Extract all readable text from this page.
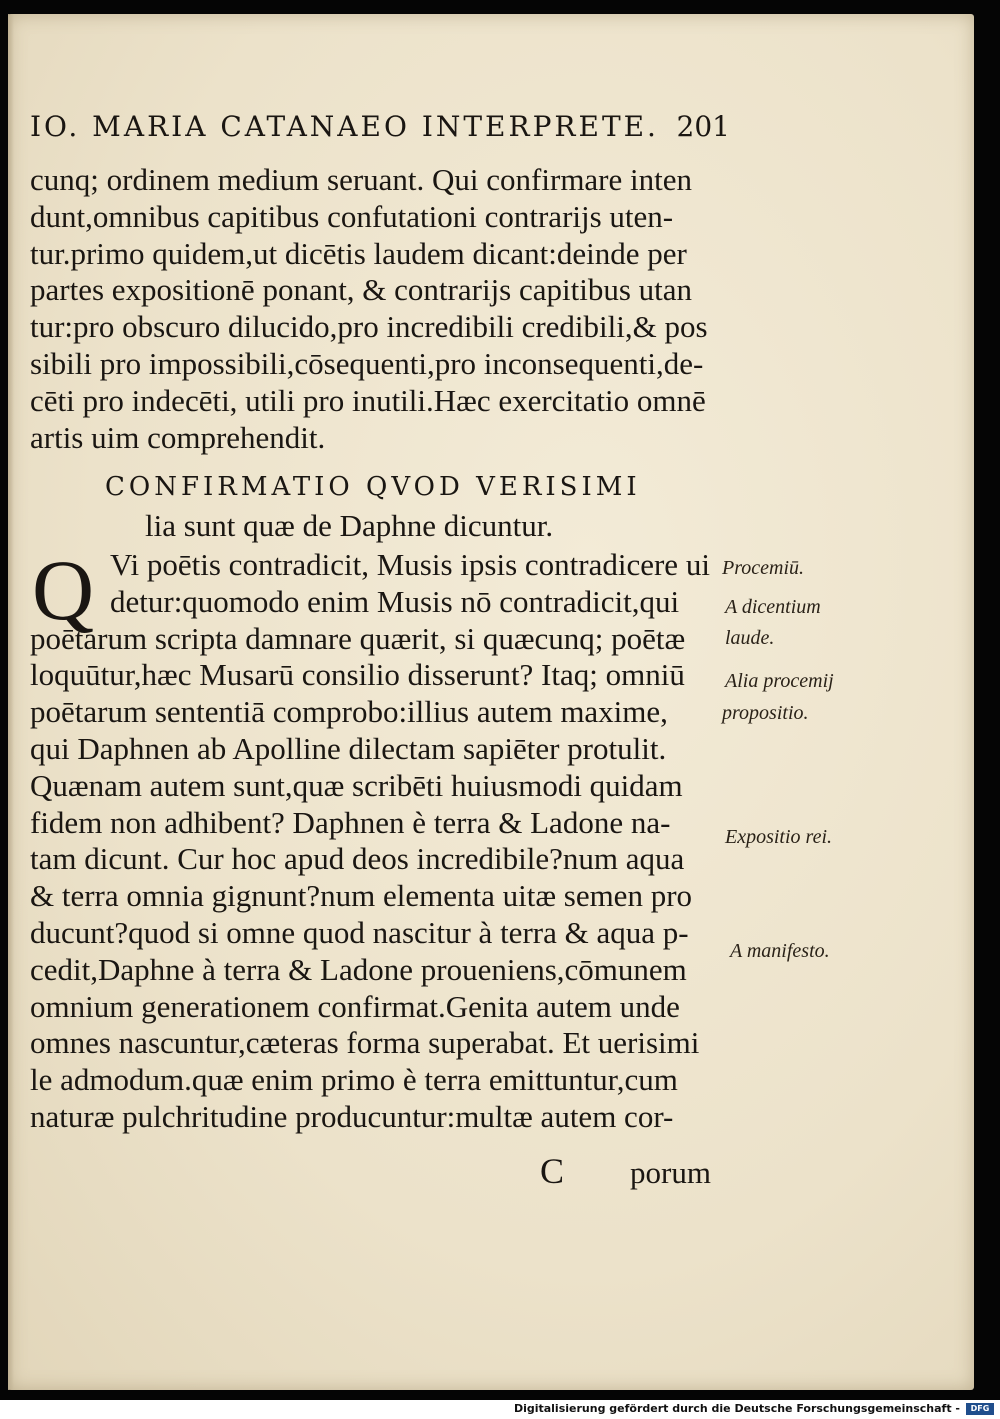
IO. MARIA CATANAEO INTERPRETE. 201
cunq; ordinem medium seruant. Qui confirmare inten
dunt,omnibus capitibus confutationi contrarijs uten-
tur.primo quidem,ut dicētis laudem dicant:deinde per
partes expositionē ponant, & contrarijs capitibus utan
tur:pro obscuro dilucido,pro incredibili credibili,& pos
sibili pro impossibili,cōsequenti,pro inconsequenti,de-
cēti pro indecēti, utili pro inutili.Hæc exercitatio omnē
artis uim comprehendit.
CONFIRMATIO QVOD VERISIMI
lia sunt quæ de Daphne dicuntur.
Q Vi poētis contradicit, Musis ipsis contradicere ui
detur:quomodo enim Musis nō contradicit,qui
poētarum scripta damnare quærit, si quæcunq; poētæ
loquūtur,hæc Musarū consilio disserunt? Itaq; omniū
poētarum sententiā comprobo:illius autem maxime,
qui Daphnen ab Apolline dilectam sapiēter protulit.
Quænam autem sunt,quæ scribēti huiusmodi quidam
fidem non adhibent? Daphnen è terra & Ladone na-
tam dicunt. Cur hoc apud deos incredibile?num aqua
& terra omnia gignunt?num elementa uitæ semen pro
ducunt?quod si omne quod nascitur à terra & aqua p-
cedit,Daphne à terra & Ladone proueniens,cōmunem
omnium generationem confirmat.Genita autem unde
omnes nascuntur,cæteras forma superabat. Et uerisimi
le admodum.quæ enim primo è terra emittuntur,cum
naturæ pulchritudine producuntur:multæ autem cor-
Procemiū.
A dicentium
laude.
Alia procemij
propositio.
Expositio rei.
A manifesto.
C porum
Digitalisierung gefördert durch die Deutsche Forschungsgemeinschaft -	DFG
